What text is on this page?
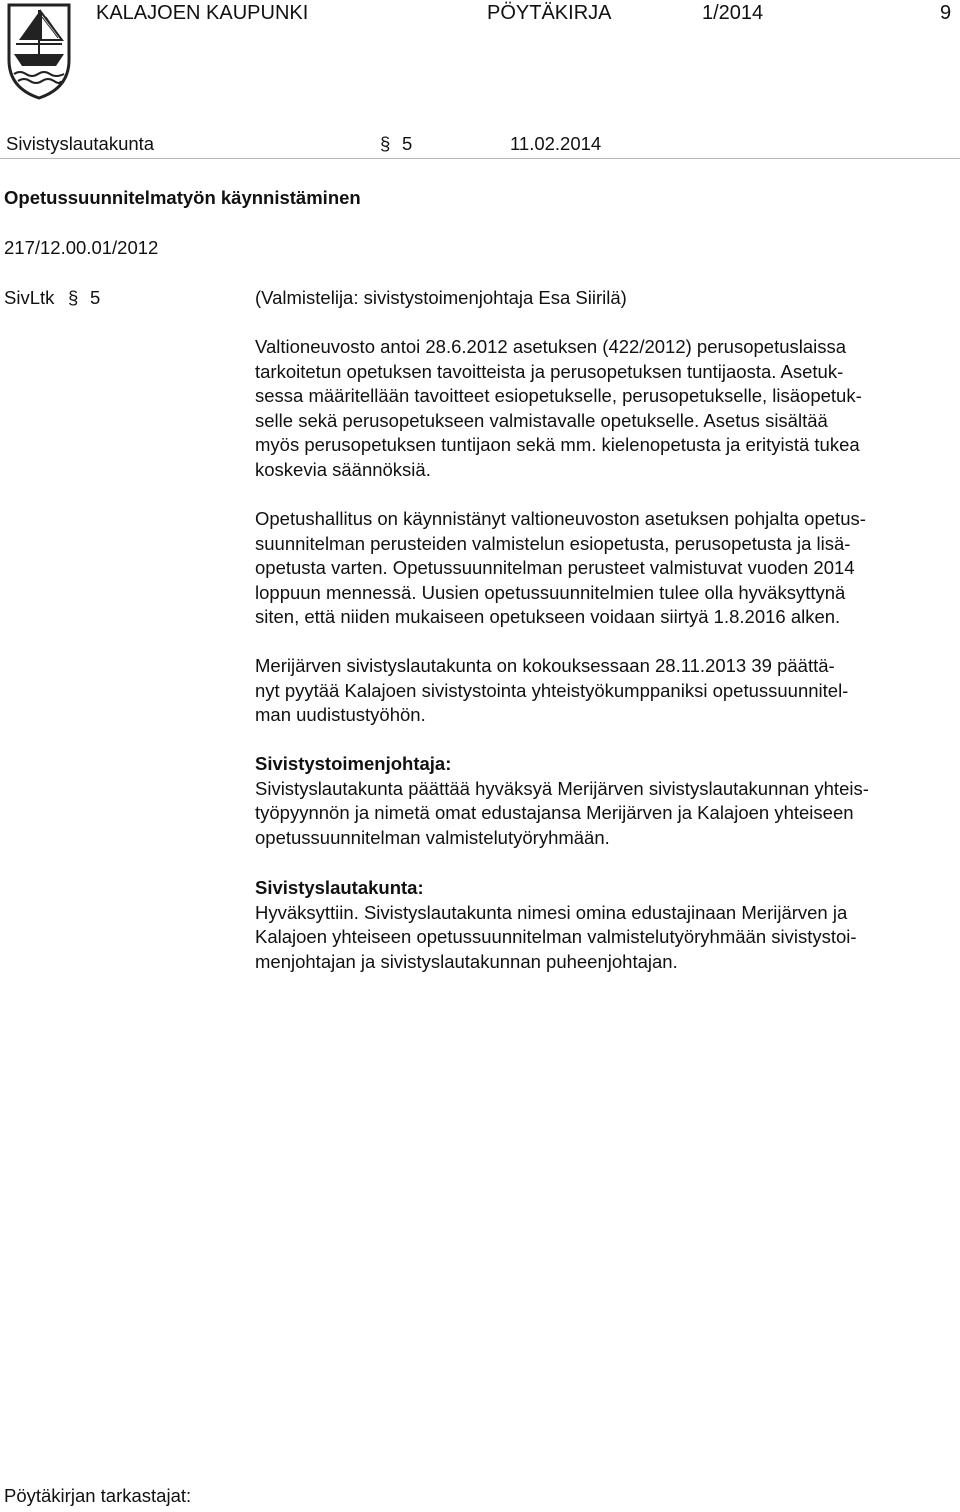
KALAJOEN KAUPUNKI	PÖYTÄKIRJA	1/2014	9
Sivistyslautakunta	§ 5	11.02.2014
Opetussuunnitelmatyön käynnistäminen
217/12.00.01/2012
SivLtk § 5	(Valmistelija: sivistystoimenjohtaja Esa Siirilä)
Valtioneuvosto antoi 28.6.2012 asetuksen (422/2012) perusopetuslaissa
tarkoitetun opetuksen tavoitteista ja perusopetuksen tuntijaosta. Asetuk-
sessa määritellään tavoitteet esiopetukselle, perusopetukselle, lisäopetuk-
selle sekä perusopetukseen valmistavalle opetukselle. Asetus sisältää
myös perusopetuksen tuntijaon sekä mm. kielenopetusta ja erityistä tukea
koskevia säännöksiä.
Opetushallitus on käynnistänyt valtioneuvoston asetuksen pohjalta opetus-
suunnitelman perusteiden valmistelun esiopetusta, perusopetusta ja lisä-
opetusta varten. Opetussuunnitelman perusteet valmistuvat vuoden 2014
loppuun mennessä. Uusien opetussuunnitelmien tulee olla hyväksyttynä
siten, että niiden mukaiseen opetukseen voidaan siirtyä 1.8.2016 alken.
Merijärven sivistyslautakunta on kokouksessaan 28.11.2013 39 päättä-
nyt pyytää Kalajoen sivistystointa yhteistyökumppaniksi opetussuunnitel-
man uudistustyöhön.
Sivistystoimenjohtaja:
Sivistyslautakunta päättää hyväksyä Merijärven sivistyslautakunnan yhteis-
työpyynnön ja nimetä omat edustajansa Merijärven ja Kalajoen yhteiseen
opetussuunnitelman valmistelutyöryhmään.
Sivistyslautakunta:
Hyväksyttiin. Sivistyslautakunta nimesi omina edustajinaan Merijärven ja
Kalajoen yhteiseen opetussuunnitelman valmistelutyöryhmään sivistystoi-
menjohtajan ja sivistyslautakunnan puheenjohtajan.
Pöytäkirjan tarkastajat:
